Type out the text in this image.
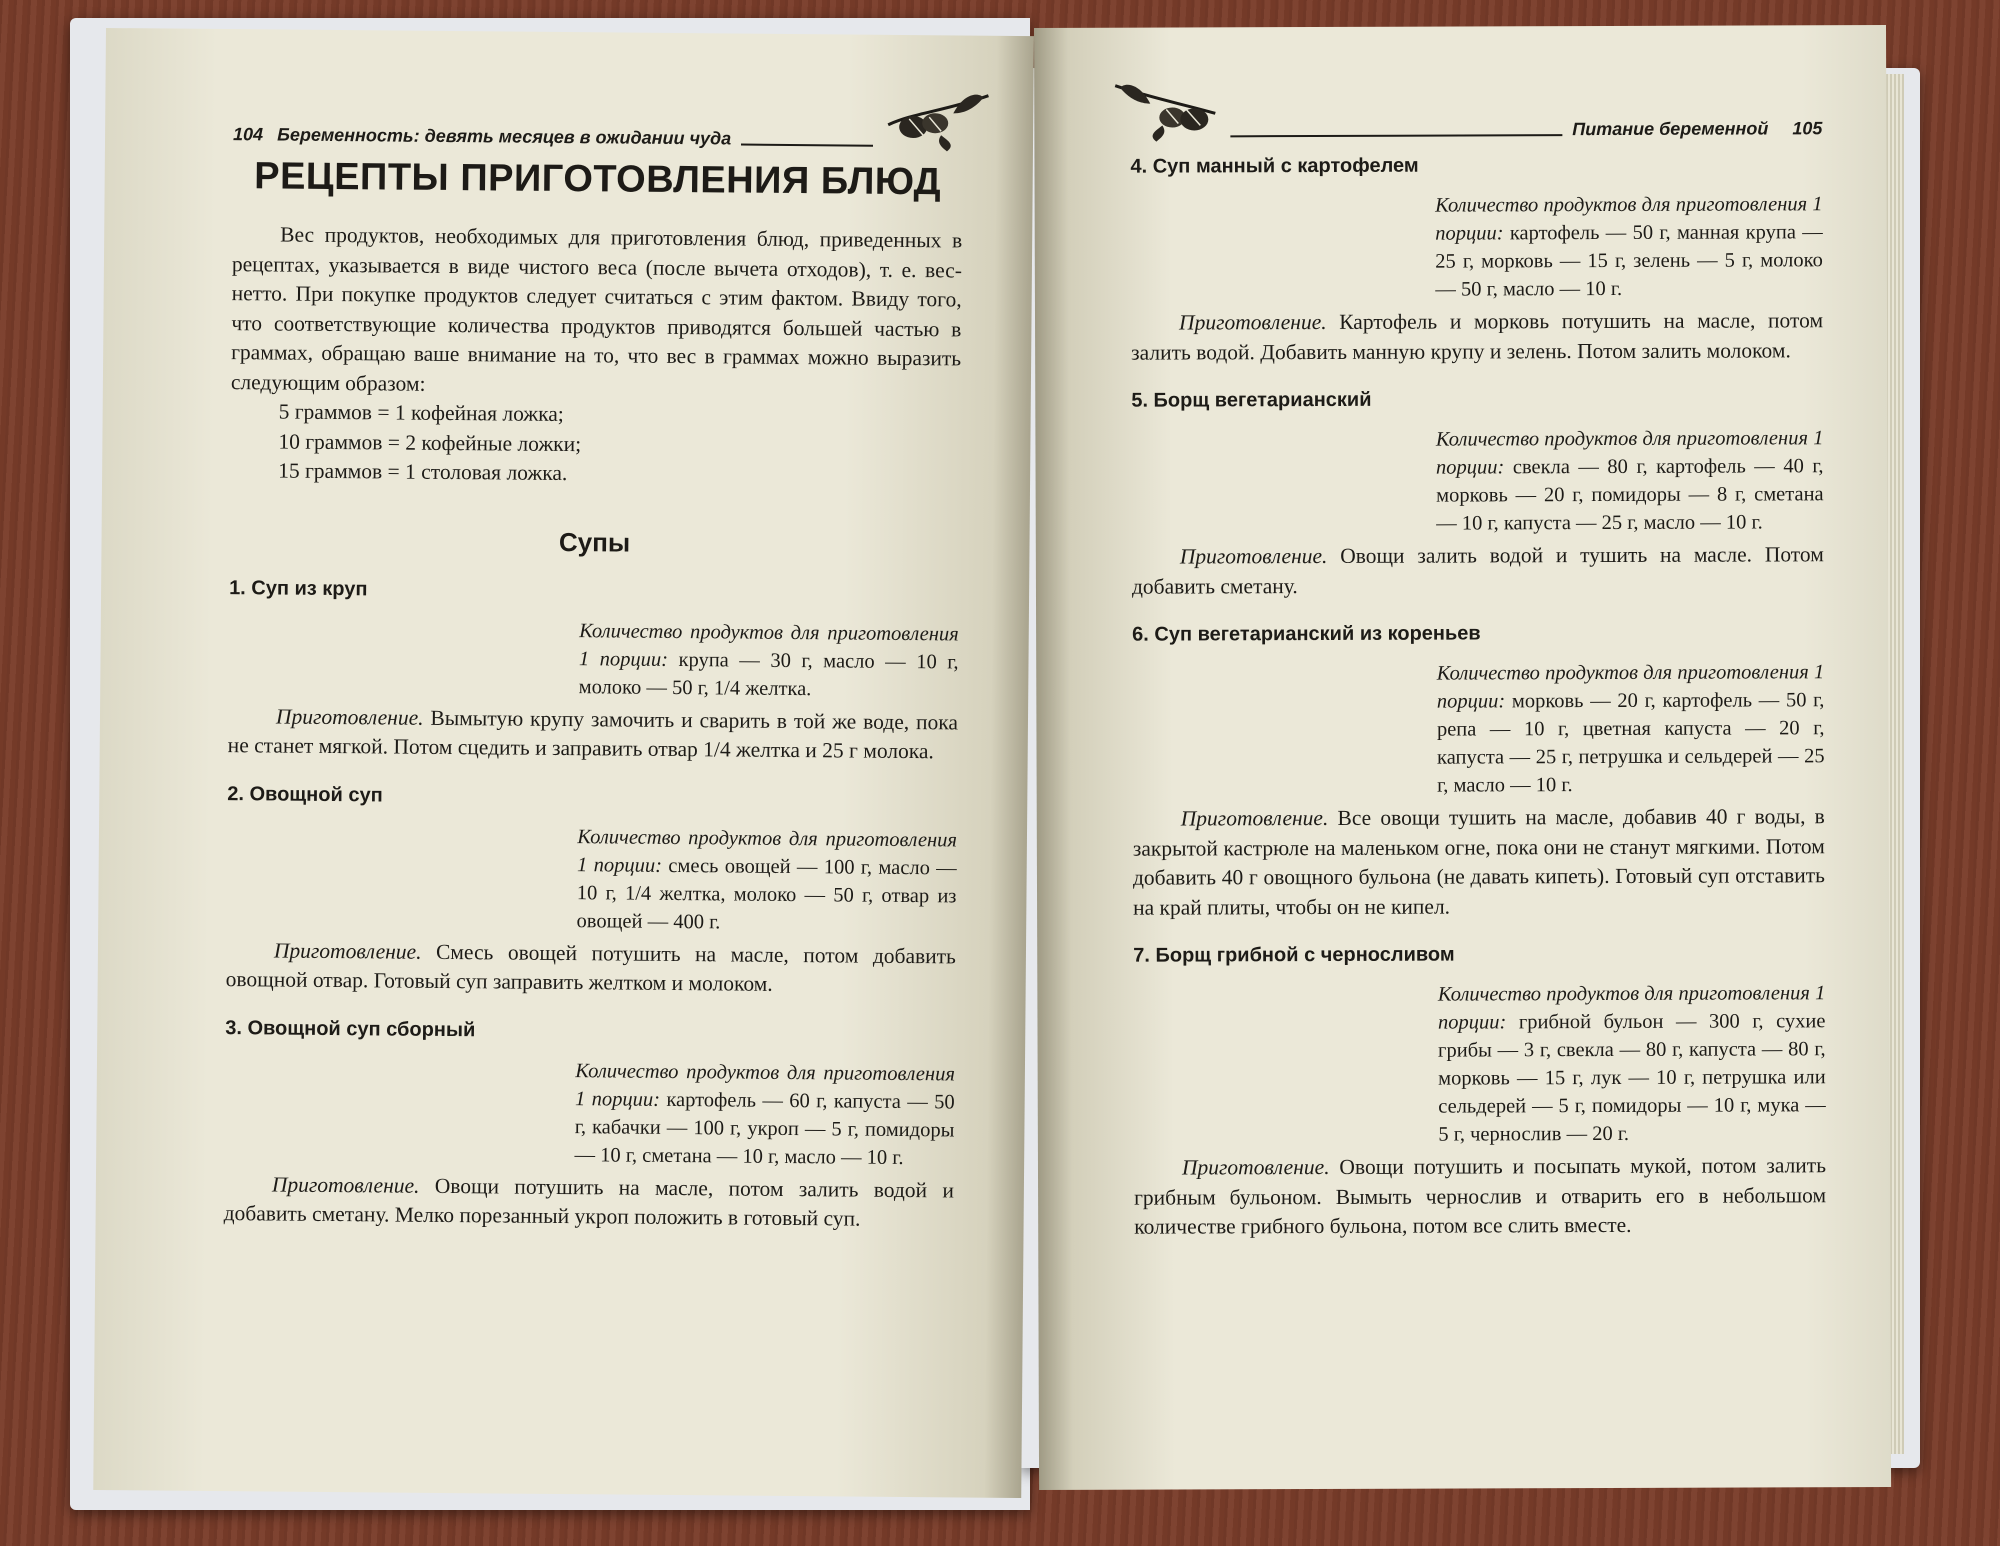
104 Беременность: девять месяцев в ожидании чуда
РЕЦЕПТЫ ПРИГОТОВЛЕНИЯ БЛЮД

Вес продуктов, необходимых для приготовления блюд, приведенных в рецептах, указывается в виде чистого веса (после вычета отходов), т. е. вес-нетто. При покупке продуктов следует считаться с этим фактом. Ввиду того, что соответствующие количества продуктов приводятся большей частью в граммах, обращаю ваше внимание на то, что вес в граммах можно выразить следующим образом:

5 граммов = 1 кофейная ложка;
10 граммов = 2 кофейные ложки;
15 граммов = 1 столовая ложка.
Супы
1. Суп из круп
Количество продуктов для приготовления 1 порции: крупа — 30 г, масло — 10 г, молоко — 50 г, 1/4 желтка.

Приготовление. Вымытую крупу замочить и сварить в той же воде, пока не станет мягкой. Потом сцедить и заправить отвар 1/4 желтка и 25 г молока.

2. Овощной суп
Количество продуктов для приготовления 1 порции: смесь овощей — 100 г, масло — 10 г, 1/4 желтка, молоко — 50 г, отвар из овощей — 400 г.

Приготовление. Смесь овощей потушить на масле, потом добавить овощной отвар. Готовый суп заправить желтком и молоком.

3. Овощной суп сборный
Количество продуктов для приготовления 1 порции: картофель — 60 г, капуста — 50 г, кабачки — 100 г, укроп — 5 г, помидоры — 10 г, сметана — 10 г, масло — 10 г.

Приготовление. Овощи потушить на масле, потом залить водой и добавить сметану. Мелко порезанный укроп положить в готовый суп.

Питание беременной 105
4. Суп манный с картофелем
Количество продуктов для приготовления 1 порции: картофель — 50 г, манная крупа — 25 г, морковь — 15 г, зелень — 5 г, молоко — 50 г, масло — 10 г.

Приготовление. Картофель и морковь потушить на масле, потом залить водой. Добавить манную крупу и зелень. Потом залить молоком.

5. Борщ вегетарианский
Количество продуктов для приготовления 1 порции: свекла — 80 г, картофель — 40 г, морковь — 20 г, помидоры — 8 г, сметана — 10 г, капуста — 25 г, масло — 10 г.

Приготовление. Овощи залить водой и тушить на масле. Потом добавить сметану.

6. Суп вегетарианский из кореньев
Количество продуктов для приготовления 1 порции: морковь — 20 г, картофель — 50 г, репа — 10 г, цветная капуста — 20 г, капуста — 25 г, петрушка и сельдерей — 25 г, масло — 10 г.

Приготовление. Все овощи тушить на масле, добавив 40 г воды, в закрытой кастрюле на маленьком огне, пока они не станут мягкими. Потом добавить 40 г овощного бульона (не давать кипеть). Готовый суп отставить на край плиты, чтобы он не кипел.

7. Борщ грибной с черносливом
Количество продуктов для приготовления 1 порции: грибной бульон — 300 г, сухие грибы — 3 г, свекла — 80 г, капуста — 80 г, морковь — 15 г, лук — 10 г, петрушка или сельдерей — 5 г, помидоры — 10 г, мука — 5 г, чернослив — 20 г.

Приготовление. Овощи потушить и посыпать мукой, потом залить грибным бульоном. Вымыть чернослив и отварить его в небольшом количестве грибного бульона, потом все слить вместе.
